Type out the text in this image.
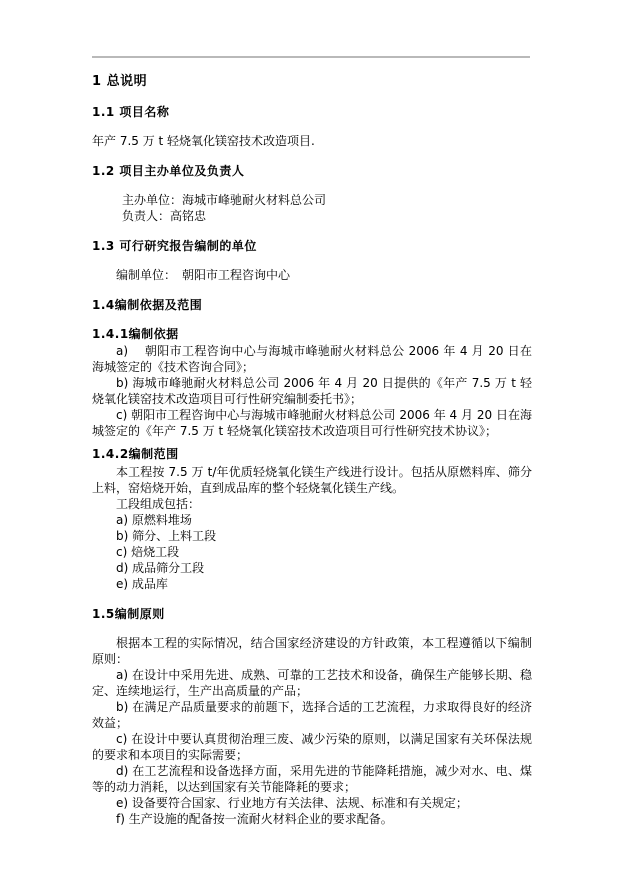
1 总说明
1.1 项目名称

年产 7.5 万 t 轻烧氧化镁窑技术改造项目.

1.2 项目主办单位及负责人

主办单位：海城市峰驰耐火材料总公司

负责人：高铭忠

1.3 可行研究报告编制的单位

编制单位：　朝阳市工程咨询中心

1.4编制依据及范围
1.4.1编制依据

a)　 朝阳市工程咨询中心与海城市峰驰耐火材料总公 2006 年 4 月 20 日在海城签定的《技术咨询合同》；

b) 海城市峰驰耐火材料总公司 2006 年 4 月 20 日提供的《年产 7.5 万 t 轻烧氧化镁窑技术改造项目可行性研究编制委托书》；

c) 朝阳市工程咨询中心与海城市峰驰耐火材料总公司 2006 年 4 月 20 日在海城签定的《年产 7.5 万 t 轻烧氧化镁窑技术改造项目可行性研究技术协议》；

1.4.2编制范围

本工程按 7.5 万 t/年优质轻烧氧化镁生产线进行设计。包括从原燃料库、筛分上料，窑焙烧开始，直到成品库的整个轻烧氧化镁生产线。

工段组成包括：

a) 原燃料堆场

b) 筛分、上料工段

c) 焙烧工段

d) 成品筛分工段

e) 成品库

1.5编制原则

根据本工程的实际情况，结合国家经济建设的方针政策，本工程遵循以下编制原则：

a) 在设计中采用先进、成熟、可靠的工艺技术和设备，确保生产能够长期、稳定、连续地运行，生产出高质量的产品；

b) 在满足产品质量要求的前题下，选择合适的工艺流程，力求取得良好的经济效益；

c) 在设计中要认真贯彻治理三废、减少污染的原则，以满足国家有关环保法规的要求和本项目的实际需要；

d) 在工艺流程和设备选择方面，采用先进的节能降耗措施，减少对水、电、煤等的动力消耗，以达到国家有关节能降耗的要求；

e) 设备要符合国家、行业地方有关法律、法规、标准和有关规定；

f) 生产设施的配备按一流耐火材料企业的要求配备。
